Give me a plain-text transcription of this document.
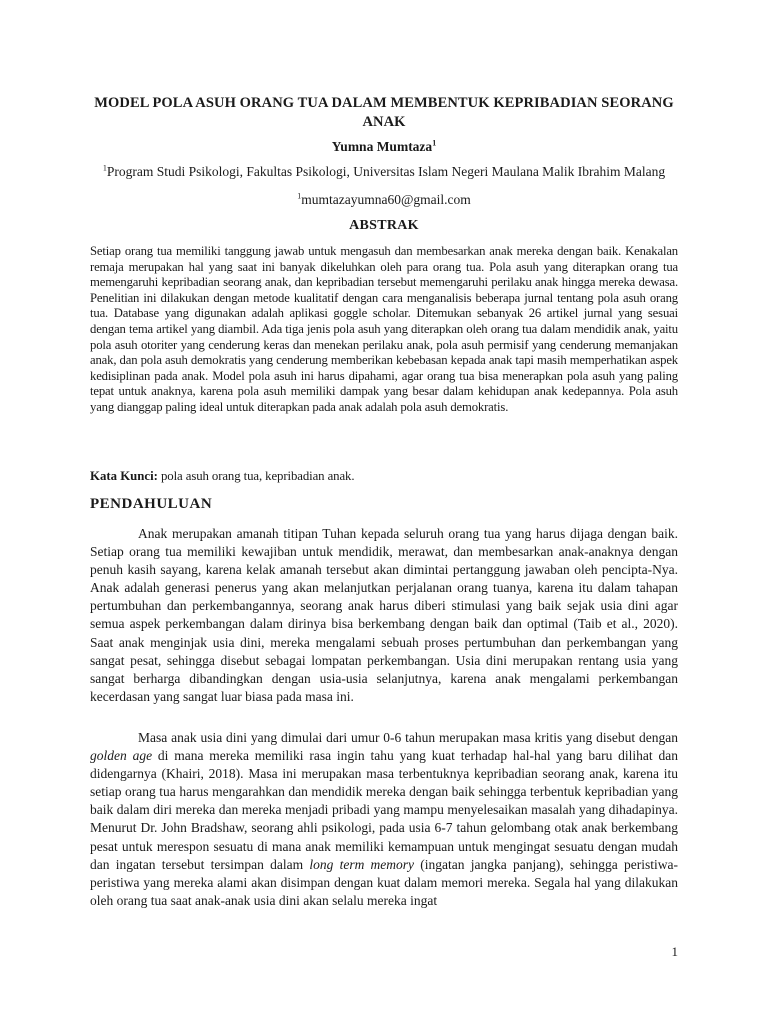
MODEL POLA ASUH ORANG TUA DALAM MEMBENTUK KEPRIBADIAN SEORANG ANAK
Yumna Mumtaza$^1$
$^1$Program Studi Psikologi, Fakultas Psikologi, Universitas Islam Negeri Maulana Malik Ibrahim Malang
$^1$mumtazayumna60@gmail.com
ABSTRAK
Setiap orang tua memiliki tanggung jawab untuk mengasuh dan membesarkan anak mereka dengan baik. Kenakalan remaja merupakan hal yang saat ini banyak dikeluhkan oleh para orang tua. Pola asuh yang diterapkan orang tua memengaruhi kepribadian seorang anak, dan kepribadian tersebut memengaruhi perilaku anak hingga mereka dewasa. Penelitian ini dilakukan dengan metode kualitatif dengan cara menganalisis beberapa jurnal tentang pola asuh orang tua. Database yang digunakan adalah aplikasi goggle scholar. Ditemukan sebanyak 26 artikel jurnal yang sesuai dengan tema artikel yang diambil. Ada tiga jenis pola asuh yang diterapkan oleh orang tua dalam mendidik anak, yaitu pola asuh otoriter yang cenderung keras dan menekan perilaku anak, pola asuh permisif yang cenderung memanjakan anak, dan pola asuh demokratis yang cenderung memberikan kebebasan kepada anak tapi masih memperhatikan aspek kedisiplinan pada anak. Model pola asuh ini harus dipahami, agar orang tua bisa menerapkan pola asuh yang paling tepat untuk anaknya, karena pola asuh memiliki dampak yang besar dalam kehidupan anak kedepannya. Pola asuh yang dianggap paling ideal untuk diterapkan pada anak adalah pola asuh demokratis.
Kata Kunci: pola asuh orang tua, kepribadian anak.
PENDAHULUAN
Anak merupakan amanah titipan Tuhan kepada seluruh orang tua yang harus dijaga dengan baik. Setiap orang tua memiliki kewajiban untuk mendidik, merawat, dan membesarkan anak-anaknya dengan penuh kasih sayang, karena kelak amanah tersebut akan dimintai pertanggung jawaban oleh pencipta-Nya. Anak adalah generasi penerus yang akan melanjutkan perjalanan orang tuanya, karena itu dalam tahapan pertumbuhan dan perkembangannya, seorang anak harus diberi stimulasi yang baik sejak usia dini agar semua aspek perkembangan dalam dirinya bisa berkembang dengan baik dan optimal (Taib et al., 2020). Saat anak menginjak usia dini, mereka mengalami sebuah proses pertumbuhan dan perkembangan yang sangat pesat, sehingga disebut sebagai lompatan perkembangan. Usia dini merupakan rentang usia yang sangat berharga dibandingkan dengan usia-usia selanjutnya, karena anak mengalami perkembangan kecerdasan yang sangat luar biasa pada masa ini.
Masa anak usia dini yang dimulai dari umur 0-6 tahun merupakan masa kritis yang disebut dengan golden age di mana mereka memiliki rasa ingin tahu yang kuat terhadap hal-hal yang baru dilihat dan didengarnya (Khairi, 2018). Masa ini merupakan masa terbentuknya kepribadian seorang anak, karena itu setiap orang tua harus mengarahkan dan mendidik mereka dengan baik sehingga terbentuk kepribadian yang baik dalam diri mereka dan mereka menjadi pribadi yang mampu menyelesaikan masalah yang dihadapinya. Menurut Dr. John Bradshaw, seorang ahli psikologi, pada usia 6-7 tahun gelombang otak anak berkembang pesat untuk merespon sesuatu di mana anak memiliki kemampuan untuk mengingat sesuatu dengan mudah dan ingatan tersebut tersimpan dalam long term memory (ingatan jangka panjang), sehingga peristiwa-peristiwa yang mereka alami akan disimpan dengan kuat dalam memori mereka. Segala hal yang dilakukan oleh orang tua saat anak-anak usia dini akan selalu mereka ingat
1
